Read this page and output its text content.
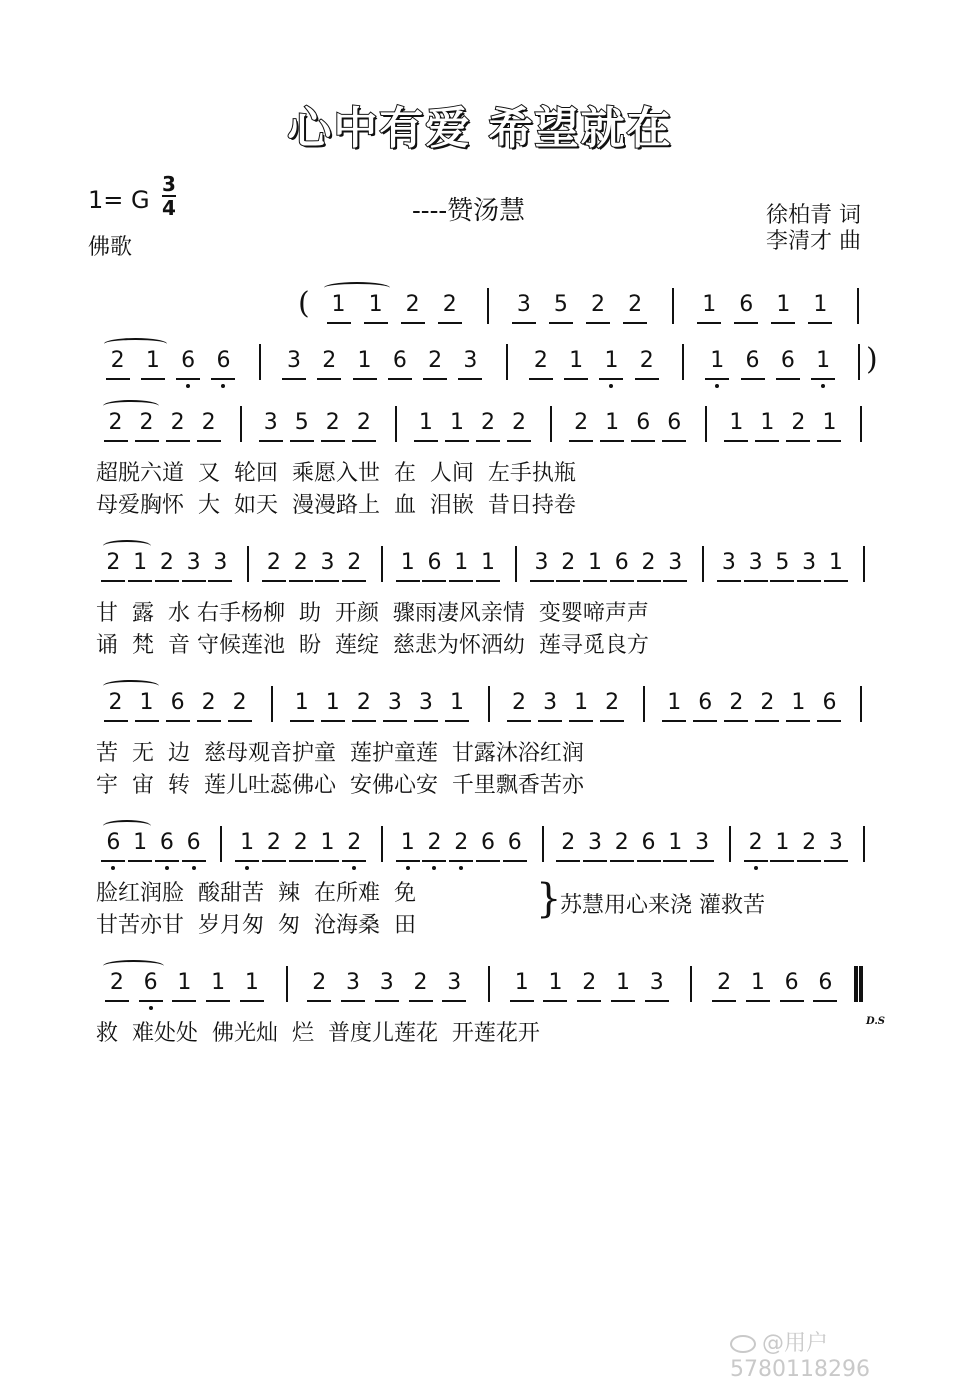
心中有爱 希望就在
1= G
3
4
佛歌
----赞汤慧	徐柏青 词
李清才 曲
D.S
@用户5780118296
( 1 1 2 2	3 5 2 2	1 6 1 1
2 1 6 6	3 2 1 6 2 3	2 1 1 2	1 6 6 1 )
2 2 2 2 3 5 2 2 1 1 2 2 2 1 6 6 1 1 2 1
超脱六道  又  轮回  乘愿入世  在  人间  左手执瓶
母爱胸怀  大  如天  漫漫路上  血  泪嵌  昔日持卷
2 1 2 3 3 2 2 3 2 1 6 1 1 3 2 1 6 2 3 3 3 5 3 1
甘  露  水 右手杨柳  助  开颜  骤雨凄风亲情  变婴啼声声
诵  梵  音 守候莲池  盼  莲绽  慈悲为怀洒幼  莲寻觅良方
2 1 6 2 2 1 1 2 3 3 1 2 3 1 2 1 6 2 2 1 6
苦  无  边  慈母观音护童  莲护童莲  甘露沐浴红润
宇  宙  转  莲儿吐蕊佛心  安佛心安  千里飘香苦亦
6 1 6 6 1 2 2 1 2 1 2 2 6 6 2 3 2 6 1 3 2 1 2 3
脸红润脸  酸甜苦  辣  在所难  免
甘苦亦甘  岁月匆  匆  沧海桑  田
}
苏慧用心来浇 灌救苦
2 6 1 1 1 2 3 3 2 3 1 1 2 1 3 2 1 6 6
救  难处处  佛光灿  烂  普度儿莲花  开莲花开
